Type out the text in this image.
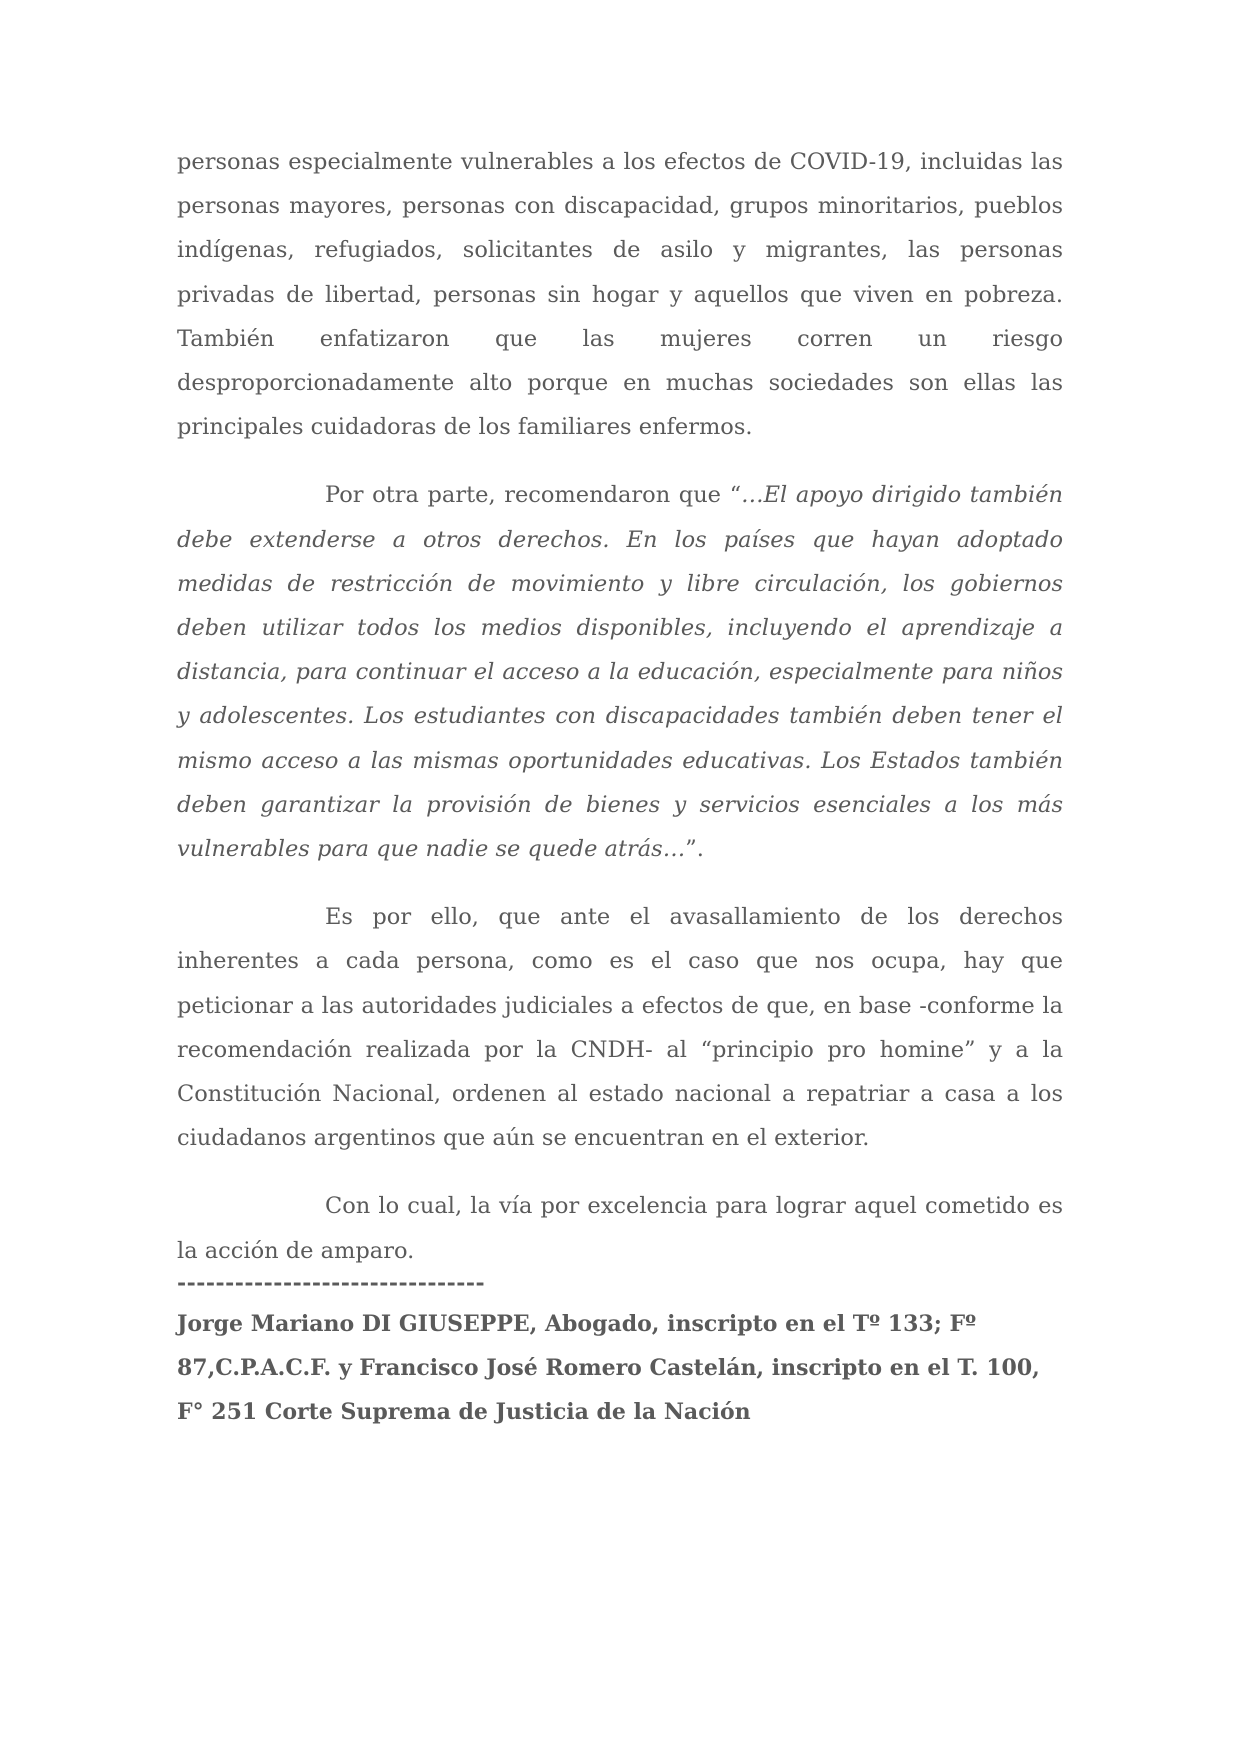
personas especialmente vulnerables a los efectos de COVID-19, incluidas las personas mayores, personas con discapacidad, grupos minoritarios, pueblos indígenas, refugiados, solicitantes de asilo y migrantes, las personas privadas de libertad, personas sin hogar y aquellos que viven en pobreza. También enfatizaron que las mujeres corren un riesgo desproporcionadamente alto porque en muchas sociedades son ellas las principales cuidadoras de los familiares enfermos.

Por otra parte, recomendaron que “…El apoyo dirigido también debe extenderse a otros derechos. En los países que hayan adoptado medidas de restricción de movimiento y libre circulación, los gobiernos deben utilizar todos los medios disponibles, incluyendo el aprendizaje a distancia, para continuar el acceso a la educación, especialmente para niños y adolescentes. Los estudiantes con discapacidades también deben tener el mismo acceso a las mismas oportunidades educativas. Los Estados también deben garantizar la provisión de bienes y servicios esenciales a los más vulnerables para que nadie se quede atrás…”.

Es por ello, que ante el avasallamiento de los derechos inherentes a cada persona, como es el caso que nos ocupa, hay que peticionar a las autoridades judiciales a efectos de que, en base -conforme la recomendación realizada por la CNDH- al “principio pro homine” y a la Constitución Nacional, ordenen al estado nacional a repatriar a casa a los ciudadanos argentinos que aún se encuentran en el exterior.

Con lo cual, la vía por excelencia para lograr aquel cometido es la acción de amparo.

--------------------------------

Jorge Mariano DI GIUSEPPE, Abogado, inscripto en el Tº 133; Fº 87,C.P.A.C.F. y Francisco José Romero Castelán, inscripto en el T. 100, F° 251 Corte Suprema de Justicia de la Nación
